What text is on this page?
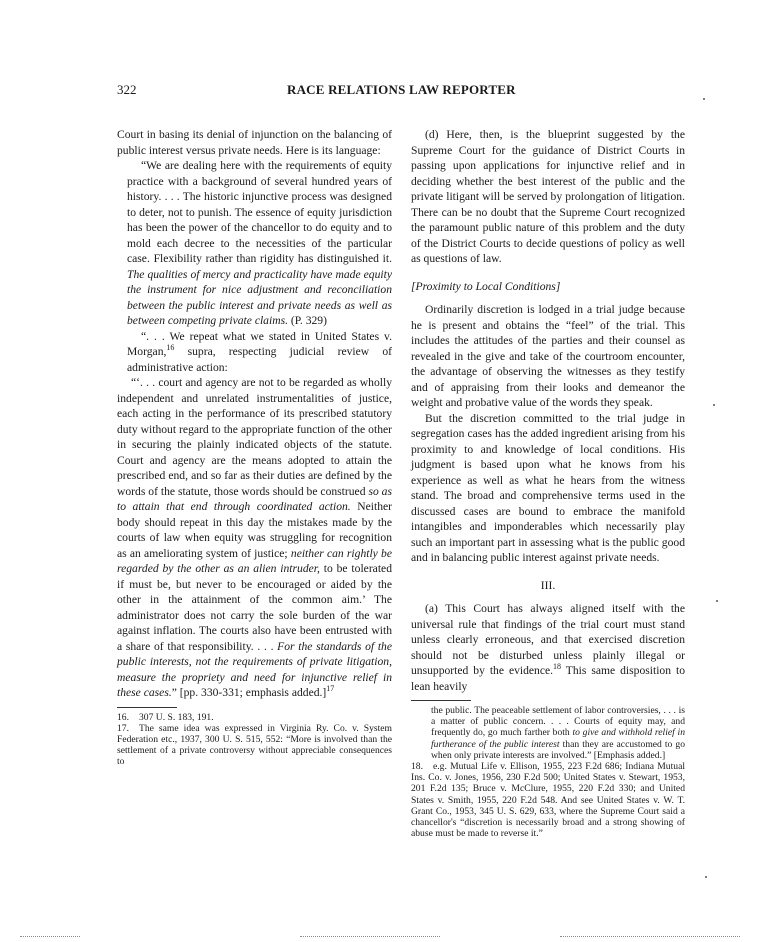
322	RACE RELATIONS LAW REPORTER

Court in basing its denial of injunction on the balancing of public interest versus private needs. Here is its language:

“We are dealing here with the requirements of equity practice with a background of several hundred years of history. . . . The historic injunctive process was designed to deter, not to punish. The essence of equity jurisdiction has been the power of the chancellor to do equity and to mold each decree to the necessities of the particular case. Flexibility rather than rigidity has distinguished it. The qualities of mercy and practicality have made equity the instrument for nice adjustment and reconciliation between the public interest and private needs as well as between competing private claims. (P. 329)

“. . . We repeat what we stated in United States v. Morgan,$^{16}$ supra, respecting judicial review of administrative action:

“‘. . . court and agency are not to be regarded as wholly independent and unrelated instrumentalities of justice, each acting in the performance of its prescribed statutory duty without regard to the appropriate function of the other in securing the plainly indicated objects of the statute. Court and agency are the means adopted to attain the prescribed end, and so far as their duties are defined by the words of the statute, those words should be construed so as to attain that end through coordinated action. Neither body should repeat in this day the mistakes made by the courts of law when equity was struggling for recognition as an ameliorating system of justice; neither can rightly be regarded by the other as an alien intruder, to be tolerated if must be, but never to be encouraged or aided by the other in the attainment of the common aim.’ The administrator does not carry the sole burden of the war against inflation. The courts also have been entrusted with a share of that responsibility. . . . For the standards of the public interests, not the requirements of private litigation, measure the propriety and need for injunctive relief in these cases.” [pp. 330-331; emphasis added.]$^{17}$

16. 307 U. S. 183, 191.

17. The same idea was expressed in Virginia Ry. Co. v. System Federation etc., 1937, 300 U. S. 515, 552: “More is involved than the settlement of a private controversy without appreciable consequences to

(d) Here, then, is the blueprint suggested by the Supreme Court for the guidance of District Courts in passing upon applications for injunctive relief and in deciding whether the best interest of the public and the private litigant will be served by prolongation of litigation. There can be no doubt that the Supreme Court recognized the paramount public nature of this problem and the duty of the District Courts to decide questions of policy as well as questions of law.

[Proximity to Local Conditions]

Ordinarily discretion is lodged in a trial judge because he is present and obtains the “feel” of the trial. This includes the attitudes of the parties and their counsel as revealed in the give and take of the courtroom encounter, the advantage of observing the witnesses as they testify and of appraising from their looks and demeanor the weight and probative value of the words they speak.

But the discretion committed to the trial judge in segregation cases has the added ingredient arising from his proximity to and knowledge of local conditions. His judgment is based upon what he knows from his experience as well as what he hears from the witness stand. The broad and comprehensive terms used in the discussed cases are bound to embrace the manifold intangibles and imponderables which necessarily play such an important part in assessing what is the public good and in balancing public interest against private needs.

III.

(a) This Court has always aligned itself with the universal rule that findings of the trial court must stand unless clearly erroneous, and that exercised discretion should not be disturbed unless plainly illegal or unsupported by the evidence.$^{18}$ This same disposition to lean heavily

the public. The peaceable settlement of labor controversies, . . . is a matter of public concern. . . . Courts of equity may, and frequently do, go much farther both to give and withhold relief in furtherance of the public interest than they are accustomed to go when only private interests are involved.” [Emphasis added.]

18. e.g. Mutual Life v. Ellison, 1955, 223 F.2d 686; Indiana Mutual Ins. Co. v. Jones, 1956, 230 F.2d 500; United States v. Stewart, 1953, 201 F.2d 135; Bruce v. McClure, 1955, 220 F.2d 330; and United States v. Smith, 1955, 220 F.2d 548. And see United States v. W. T. Grant Co., 1953, 345 U. S. 629, 633, where the Supreme Court said a chancellor's “discretion is necessarily broad and a strong showing of abuse must be made to reverse it.”
